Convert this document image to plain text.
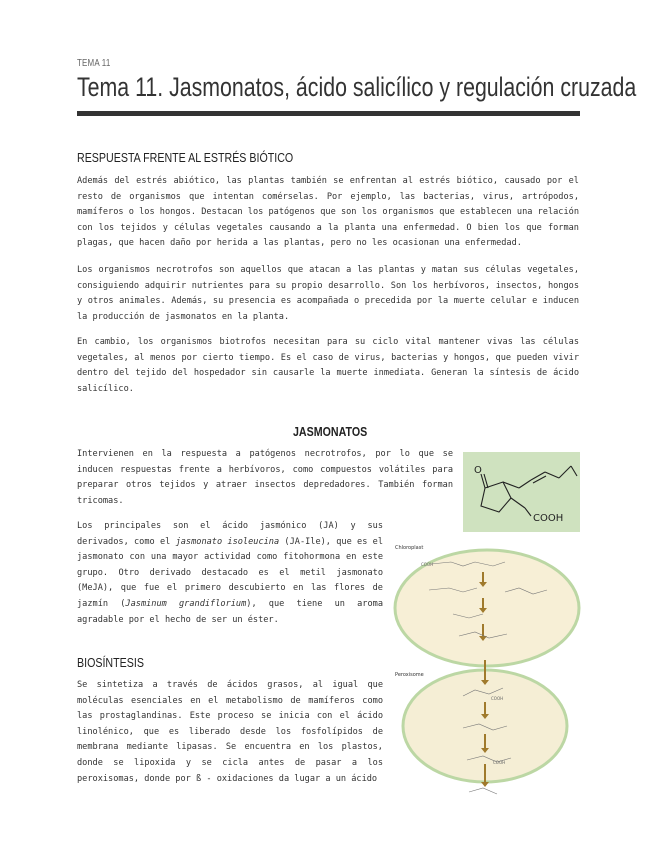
TEMA 11
Tema 11. Jasmonatos, ácido salicílico y regulación cruzada
RESPUESTA FRENTE AL ESTRÉS BIÓTICO
Además del estrés abiótico, las plantas también se enfrentan al estrés biótico, causado por el resto de organismos que intentan comérselas. Por ejemplo, las bacterias, virus, artrópodos, mamíferos o los hongos. Destacan los patógenos que son los organismos que establecen una relación con los tejidos y células vegetales causando a la planta una enfermedad. O bien los que forman plagas, que hacen daño por herida a las plantas, pero no les ocasionan una enfermedad.
Los organismos necrotrofos son aquellos que atacan a las plantas y matan sus células vegetales, consiguiendo adquirir nutrientes para su propio desarrollo. Son los herbívoros, insectos, hongos y otros animales. Además, su presencia es acompañada o precedida por la muerte celular e inducen la producción de jasmonatos en la planta.
En cambio, los organismos biotrofos necesitan para su ciclo vital mantener vivas las células vegetales, al menos por cierto tiempo. Es el caso de virus, bacterias y hongos, que pueden vivir dentro del tejido del hospedador sin causarle la muerte inmediata. Generan la síntesis de ácido salicílico.
JASMONATOS
Intervienen en la respuesta a patógenos necrotrofos, por lo que se inducen respuestas frente a herbívoros, como compuestos volátiles para preparar otros tejidos y atraer insectos depredadores. También forman tricomas.
O
COOH
Los principales son el ácido jasmónico (JA) y sus derivados, como el jasmonato isoleucina (JA-Ile), que es el jasmonato con una mayor actividad como fitohormona en este grupo. Otro derivado destacado es el metil jasmonato (MeJA), que fue el primero descubierto en las flores de jazmín (Jasminum grandiflorium), que tiene un aroma agradable por el hecho de ser un éster.
BIOSÍNTESIS
Se sintetiza a través de ácidos grasos, al igual que moléculas esenciales en el metabolismo de mamíferos como las prostaglandinas. Este proceso se inicia con el ácido linolénico, que es liberado desde los fosfolípidos de membrana mediante lipasas. Se encuentra en los plastos, donde se lipoxida y se cicla antes de pasar a los peroxisomas, donde por ß - oxidaciones da lugar a un ácido
Chloroplast
Peroxisome
COOH
COOH
COOH
